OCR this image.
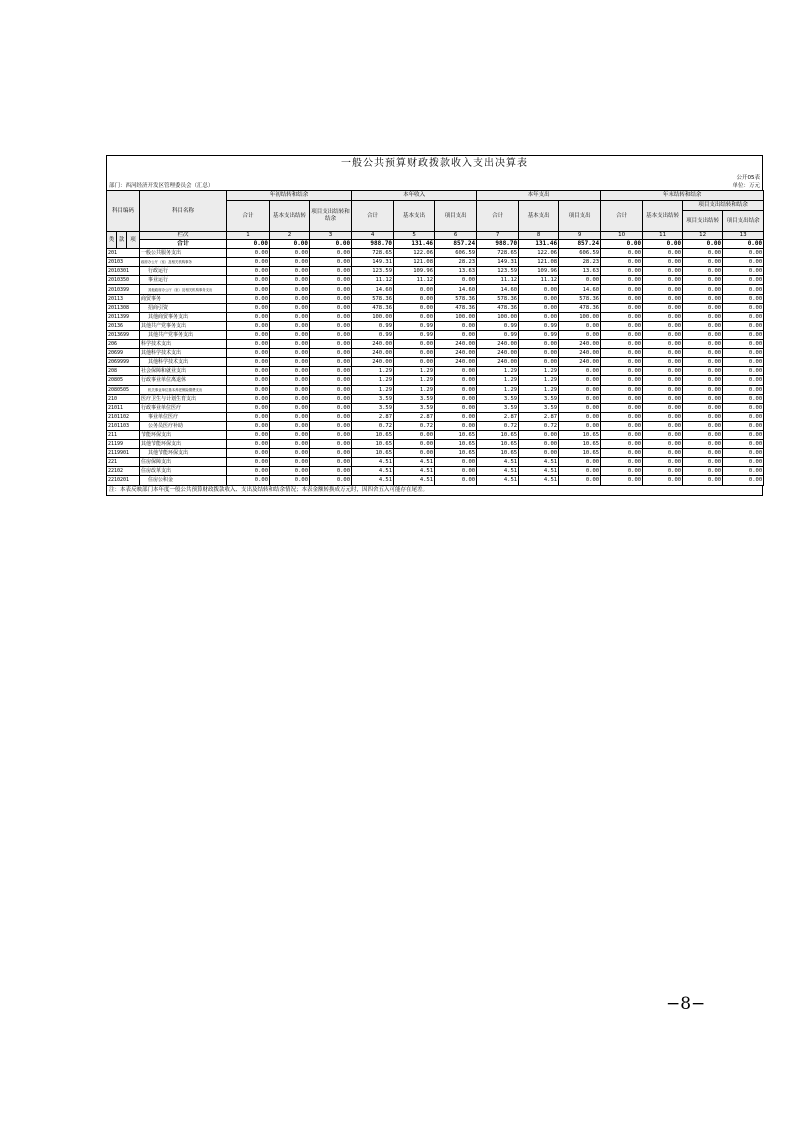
一般公共预算财政拨款收入支出决算表
部门：西河经济开发区管理委员会（汇总）
公开05表
单位：万元
科目编码			科目名称	年初结转和结余			本年收入			本年支出			年末结转和结余			
				合计	基本支出结转	项目支出结转和结余	合计	基本支出	项目支出	合计	基本支出	项目支出	合计	基本支出结转	项目支出结转和结余	
															项目支出结转	项目支出结余
类	款	项	栏次	1	2	3	4	5	6	7	8	9	10	11	12	13
			合计	0.00	0.00	0.00	988.70	131.46	857.24	988.70	131.46	857.24	0.00	0.00	0.00	0.00
201			一般公共服务支出	0.00	0.00	0.00	728.65	122.06	606.59	728.65	122.06	606.59	0.00	0.00	0.00	0.00
20103			政府办公厅（室）及相关机构事务	0.00	0.00	0.00	149.31	121.08	28.23	149.31	121.08	28.23	0.00	0.00	0.00	0.00
2010301			行政运行	0.00	0.00	0.00	123.59	109.96	13.63	123.59	109.96	13.63	0.00	0.00	0.00	0.00
2010350			事业运行	0.00	0.00	0.00	11.12	11.12	0.00	11.12	11.12	0.00	0.00	0.00	0.00	0.00
2010399			其他政府办公厅（室）及相关机构事务支出	0.00	0.00	0.00	14.60	0.00	14.60	14.60	0.00	14.60	0.00	0.00	0.00	0.00
20113			商贸事务	0.00	0.00	0.00	578.36	0.00	578.36	578.36	0.00	578.36	0.00	0.00	0.00	0.00
2011308			招商引资	0.00	0.00	0.00	478.36	0.00	478.36	478.36	0.00	478.36	0.00	0.00	0.00	0.00
2011399			其他商贸事务支出	0.00	0.00	0.00	100.00	0.00	100.00	100.00	0.00	100.00	0.00	0.00	0.00	0.00
20136			其他共产党事务支出	0.00	0.00	0.00	0.99	0.99	0.00	0.99	0.99	0.00	0.00	0.00	0.00	0.00
2013699			其他共产党事务支出	0.00	0.00	0.00	0.99	0.99	0.00	0.99	0.99	0.00	0.00	0.00	0.00	0.00
206			科学技术支出	0.00	0.00	0.00	240.00	0.00	240.00	240.00	0.00	240.00	0.00	0.00	0.00	0.00
20699			其他科学技术支出	0.00	0.00	0.00	240.00	0.00	240.00	240.00	0.00	240.00	0.00	0.00	0.00	0.00
2069999			其他科学技术支出	0.00	0.00	0.00	240.00	0.00	240.00	240.00	0.00	240.00	0.00	0.00	0.00	0.00
208			社会保障和就业支出	0.00	0.00	0.00	1.29	1.29	0.00	1.29	1.29	0.00	0.00	0.00	0.00	0.00
20805			行政事业单位离退休	0.00	0.00	0.00	1.29	1.29	0.00	1.29	1.29	0.00	0.00	0.00	0.00	0.00
2080505			机关事业单位基本养老保险缴费支出	0.00	0.00	0.00	1.29	1.29	0.00	1.29	1.29	0.00	0.00	0.00	0.00	0.00
210			医疗卫生与计划生育支出	0.00	0.00	0.00	3.59	3.59	0.00	3.59	3.59	0.00	0.00	0.00	0.00	0.00
21011			行政事业单位医疗	0.00	0.00	0.00	3.59	3.59	0.00	3.59	3.59	0.00	0.00	0.00	0.00	0.00
2101102			事业单位医疗	0.00	0.00	0.00	2.87	2.87	0.00	2.87	2.87	0.00	0.00	0.00	0.00	0.00
2101103			公务员医疗补助	0.00	0.00	0.00	0.72	0.72	0.00	0.72	0.72	0.00	0.00	0.00	0.00	0.00
211			节能环保支出	0.00	0.00	0.00	10.65	0.00	10.65	10.65	0.00	10.65	0.00	0.00	0.00	0.00
21199			其他节能环保支出	0.00	0.00	0.00	10.65	0.00	10.65	10.65	0.00	10.65	0.00	0.00	0.00	0.00
2119901			其他节能环保支出	0.00	0.00	0.00	10.65	0.00	10.65	10.65	0.00	10.65	0.00	0.00	0.00	0.00
221			住房保障支出	0.00	0.00	0.00	4.51	4.51	0.00	4.51	4.51	0.00	0.00	0.00	0.00	0.00
22102			住房改革支出	0.00	0.00	0.00	4.51	4.51	0.00	4.51	4.51	0.00	0.00	0.00	0.00	0.00
2210201			住房公积金	0.00	0.00	0.00	4.51	4.51	0.00	4.51	4.51	0.00	0.00	0.00	0.00	0.00
注：本表反映部门本年度一般公共预算财政拨款收入、支出及结转和结余情况；本表金额转换成万元时，因四舍五入可能存在尾差。
−8−
